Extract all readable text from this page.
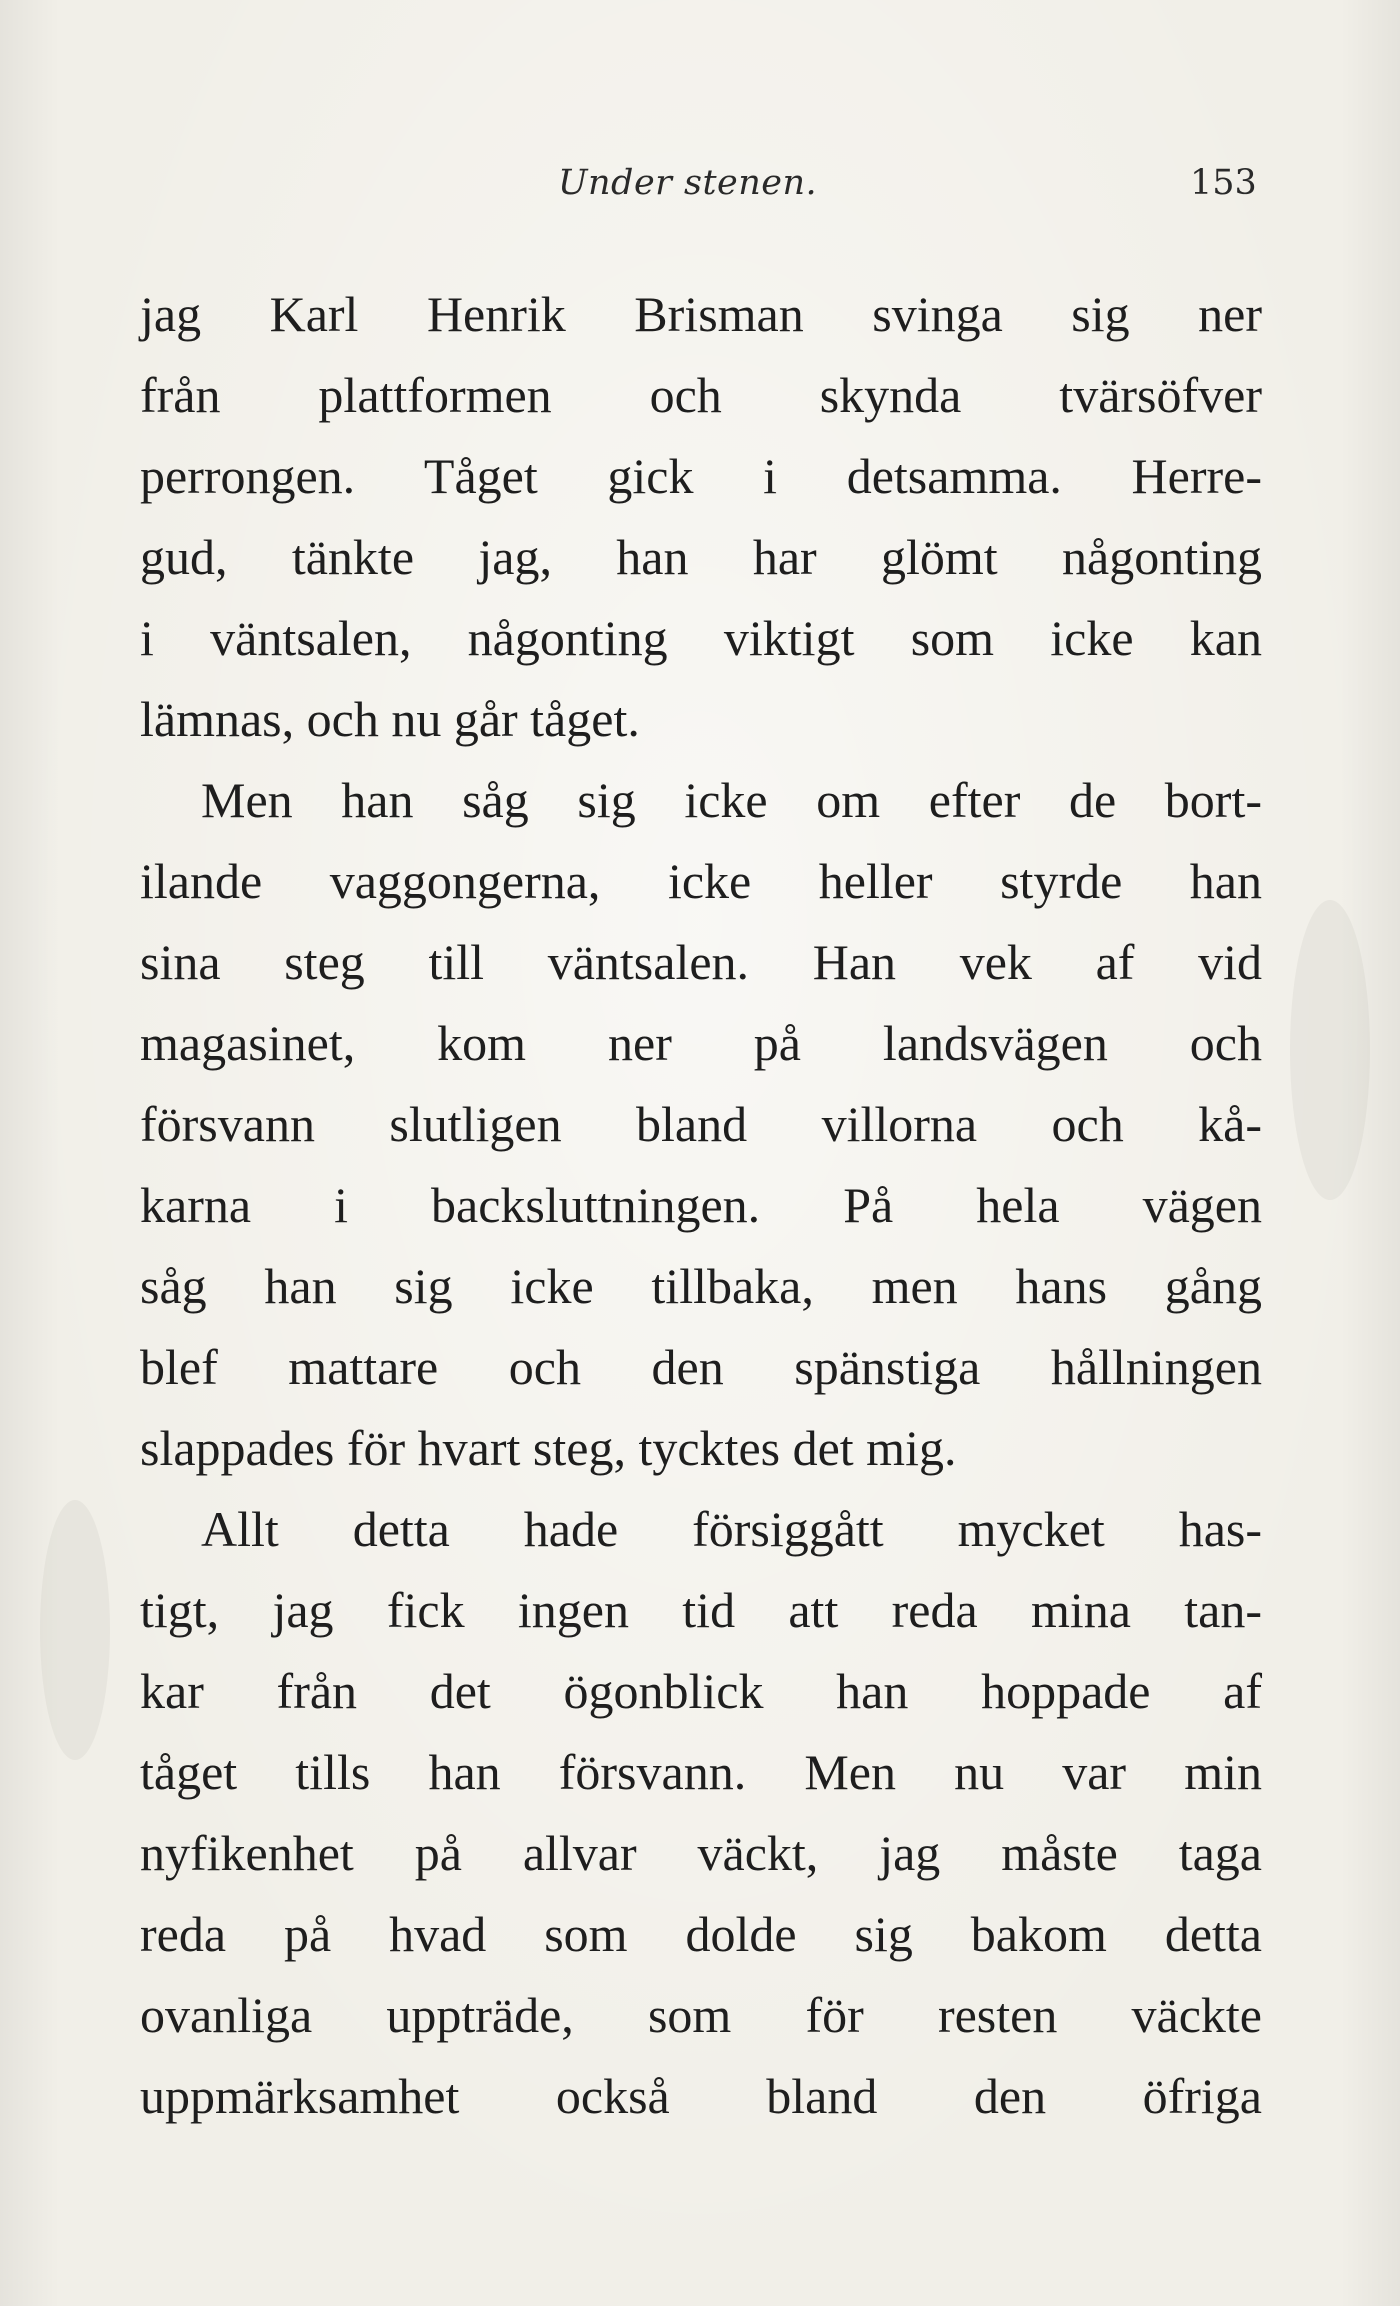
Under stenen.	153
jag Karl Henrik Brisman svinga sig ner
från plattformen och skynda tvärsöfver
perrongen. Tåget gick i detsamma. Herre-
gud, tänkte jag, han har glömt någonting
i väntsalen, någonting viktigt som icke kan
lämnas, och nu går tåget.
Men han såg sig icke om efter de bort-
ilande vaggongerna, icke heller styrde han
sina steg till väntsalen. Han vek af vid
magasinet, kom ner på landsvägen och
försvann slutligen bland villorna och kå-
karna i backsluttningen. På hela vägen
såg han sig icke tillbaka, men hans gång
blef mattare och den spänstiga hållningen
slappades för hvart steg, tycktes det mig.
Allt detta hade försiggått mycket has-
tigt, jag fick ingen tid att reda mina tan-
kar från det ögonblick han hoppade af
tåget tills han försvann. Men nu var min
nyfikenhet på allvar väckt, jag måste taga
reda på hvad som dolde sig bakom detta
ovanliga uppträde, som för resten väckte
uppmärksamhet också bland den öfriga
